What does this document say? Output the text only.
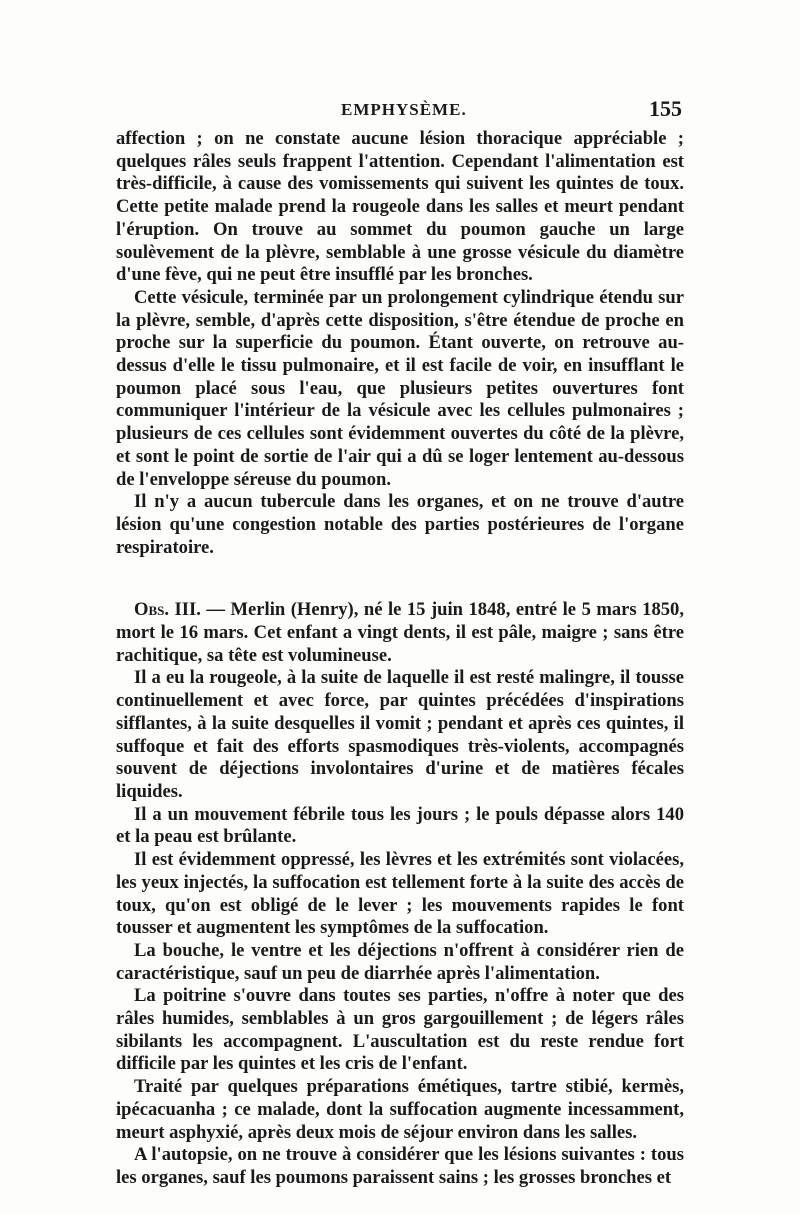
EMPHYSÈME.	155

affection ; on ne constate aucune lésion thoracique appréciable ; quelques râles seuls frappent l'attention. Cependant l'alimentation est très-difficile, à cause des vomissements qui suivent les quintes de toux. Cette petite malade prend la rougeole dans les salles et meurt pendant l'éruption. On trouve au sommet du poumon gauche un large soulèvement de la plèvre, semblable à une grosse vésicule du diamètre d'une fève, qui ne peut être insufflé par les bronches.

Cette vésicule, terminée par un prolongement cylindrique étendu sur la plèvre, semble, d'après cette disposition, s'être étendue de proche en proche sur la superficie du poumon. Étant ouverte, on retrouve au-dessus d'elle le tissu pulmonaire, et il est facile de voir, en insufflant le poumon placé sous l'eau, que plusieurs petites ouvertures font communiquer l'intérieur de la vésicule avec les cellules pulmonaires ; plusieurs de ces cellules sont évidemment ouvertes du côté de la plèvre, et sont le point de sortie de l'air qui a dû se loger lentement au-dessous de l'enveloppe séreuse du poumon.

Il n'y a aucun tubercule dans les organes, et on ne trouve d'autre lésion qu'une congestion notable des parties postérieures de l'organe respiratoire.

Obs. III. — Merlin (Henry), né le 15 juin 1848, entré le 5 mars 1850, mort le 16 mars. Cet enfant a vingt dents, il est pâle, maigre ; sans être rachitique, sa tête est volumineuse.

Il a eu la rougeole, à la suite de laquelle il est resté malingre, il tousse continuellement et avec force, par quintes précédées d'inspirations sifflantes, à la suite desquelles il vomit ; pendant et après ces quintes, il suffoque et fait des efforts spasmodiques très-violents, accompagnés souvent de déjections involontaires d'urine et de matières fécales liquides.

Il a un mouvement fébrile tous les jours ; le pouls dépasse alors 140 et la peau est brûlante.

Il est évidemment oppressé, les lèvres et les extrémités sont violacées, les yeux injectés, la suffocation est tellement forte à la suite des accès de toux, qu'on est obligé de le lever ; les mouvements rapides le font tousser et augmentent les symptômes de la suffocation.

La bouche, le ventre et les déjections n'offrent à considérer rien de caractéristique, sauf un peu de diarrhée après l'alimentation.

La poitrine s'ouvre dans toutes ses parties, n'offre à noter que des râles humides, semblables à un gros gargouillement ; de légers râles sibilants les accompagnent. L'auscultation est du reste rendue fort difficile par les quintes et les cris de l'enfant.

Traité par quelques préparations émétiques, tartre stibié, kermès, ipécacuanha ; ce malade, dont la suffocation augmente incessamment, meurt asphyxié, après deux mois de séjour environ dans les salles.

A l'autopsie, on ne trouve à considérer que les lésions suivantes : tous les organes, sauf les poumons paraissent sains ; les grosses bronches et
